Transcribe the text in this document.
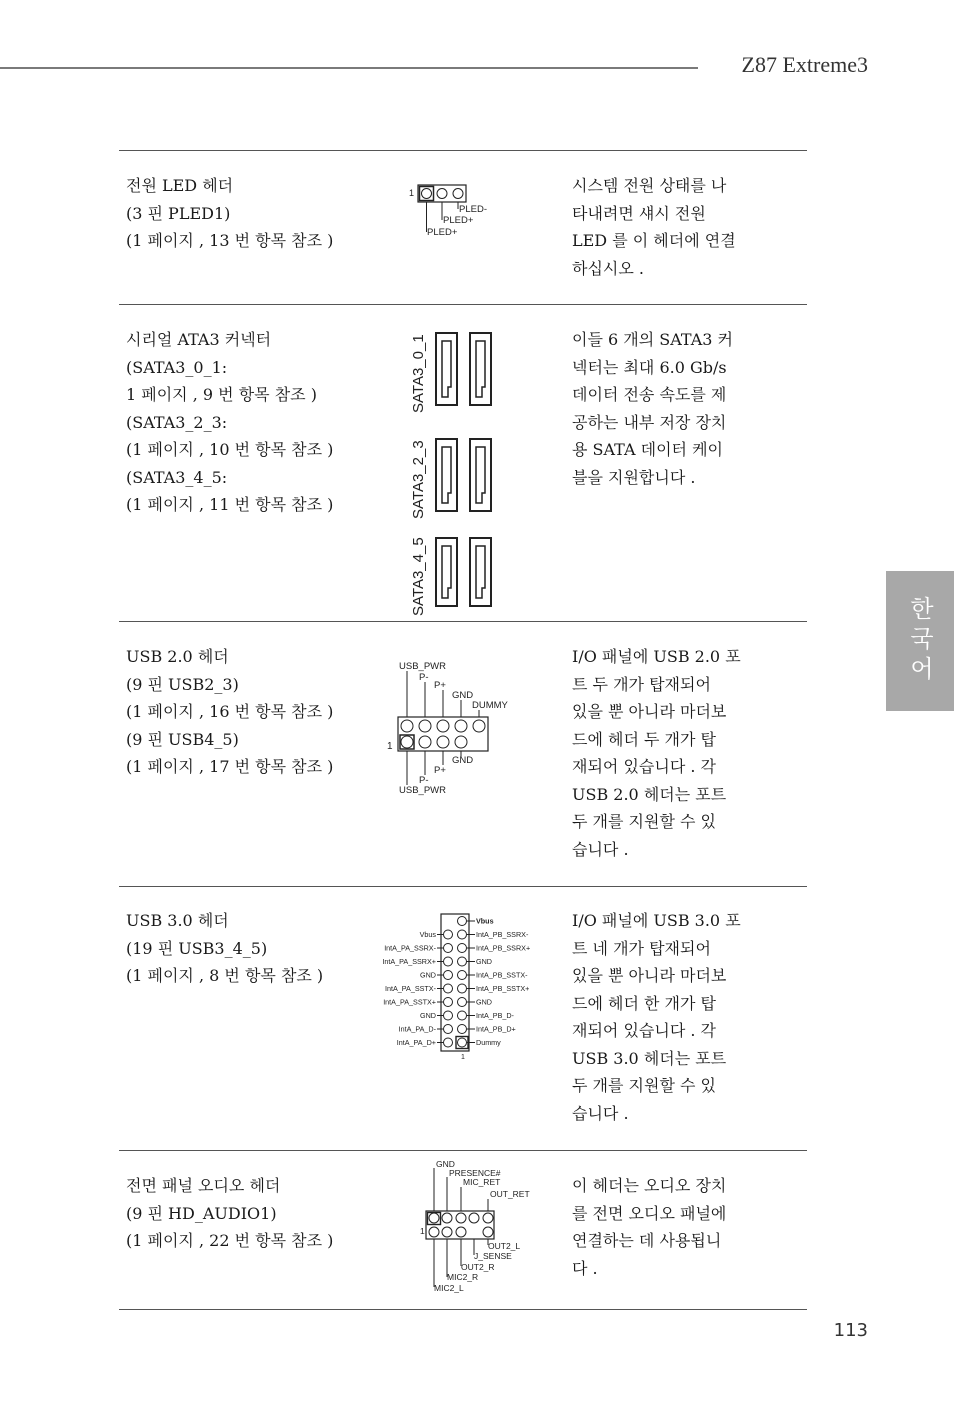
Z87 Extreme3
한국어
전원 LED 헤더
(3 핀 PLED1)
(1 페이지 , 13 번 항목 참조 )
1
PLED-
PLED+
PLED+
시스템 전원 상태를 나
타내려면 섀시 전원
LED 를 이 헤더에 연결
하십시오 .
시리얼 ATA3 커넥터
(SATA3_0_1:
1 페이지 , 9 번 항목 참조 )
(SATA3_2_3:
(1 페이지 , 10 번 항목 참조 )
(SATA3_4_5:
(1 페이지 , 11 번 항목 참조 )
SATA3_0_1
SATA3_2_3
SATA3_4_5
이들 6 개의 SATA3 커
넥터는 최대 6.0 Gb/s
데이터 전송 속도를 제
공하는 내부 저장 장치
용 SATA 데이터 케이
블을 지원합니다 .
USB 2.0 헤더
(9 핀 USB2_3)
(1 페이지 , 16 번 항목 참조 )
(9 핀 USB4_5)
(1 페이지 , 17 번 항목 참조 )
USB_PWR
P-
P+
GND
DUMMY
1
GND
P+
P-
USB_PWR
I/O 패널에 USB 2.0 포
트 두 개가 탑재되어
있을 뿐 아니라 마더보
드에 헤더 두 개가 탑
재되어 있습니다 . 각
USB 2.0 헤더는 포트
두 개를 지원할 수 있
습니다 .
USB 3.0 헤더
(19 핀 USB3_4_5)
(1 페이지 , 8 번 항목 참조 )
Vbus
IntA_PB_SSRX-
IntA_PB_SSRX+
GND
IntA_PB_SSTX-
IntA_PB_SSTX+
GND
IntA_PB_D-
IntA_PB_D+
Dummy
Vbus
IntA_PA_SSRX-
IntA_PA_SSRX+
GND
IntA_PA_SSTX-
IntA_PA_SSTX+
GND
IntA_PA_D-
IntA_PA_D+
1
I/O 패널에 USB 3.0 포
트 네 개가 탑재되어
있을 뿐 아니라 마더보
드에 헤더 한 개가 탑
재되어 있습니다 . 각
USB 3.0 헤더는 포트
두 개를 지원할 수 있
습니다 .
전면 패널 오디오 헤더
(9 핀 HD_AUDIO1)
(1 페이지 , 22 번 항목 참조 )
GND
PRESENCE#
MIC_RET
OUT_RET
1
OUT2_L
J_SENSE
OUT2_R
MIC2_R
MIC2_L
이 헤더는 오디오 장치
를 전면 오디오 패널에
연결하는 데 사용됩니
다 .
113
